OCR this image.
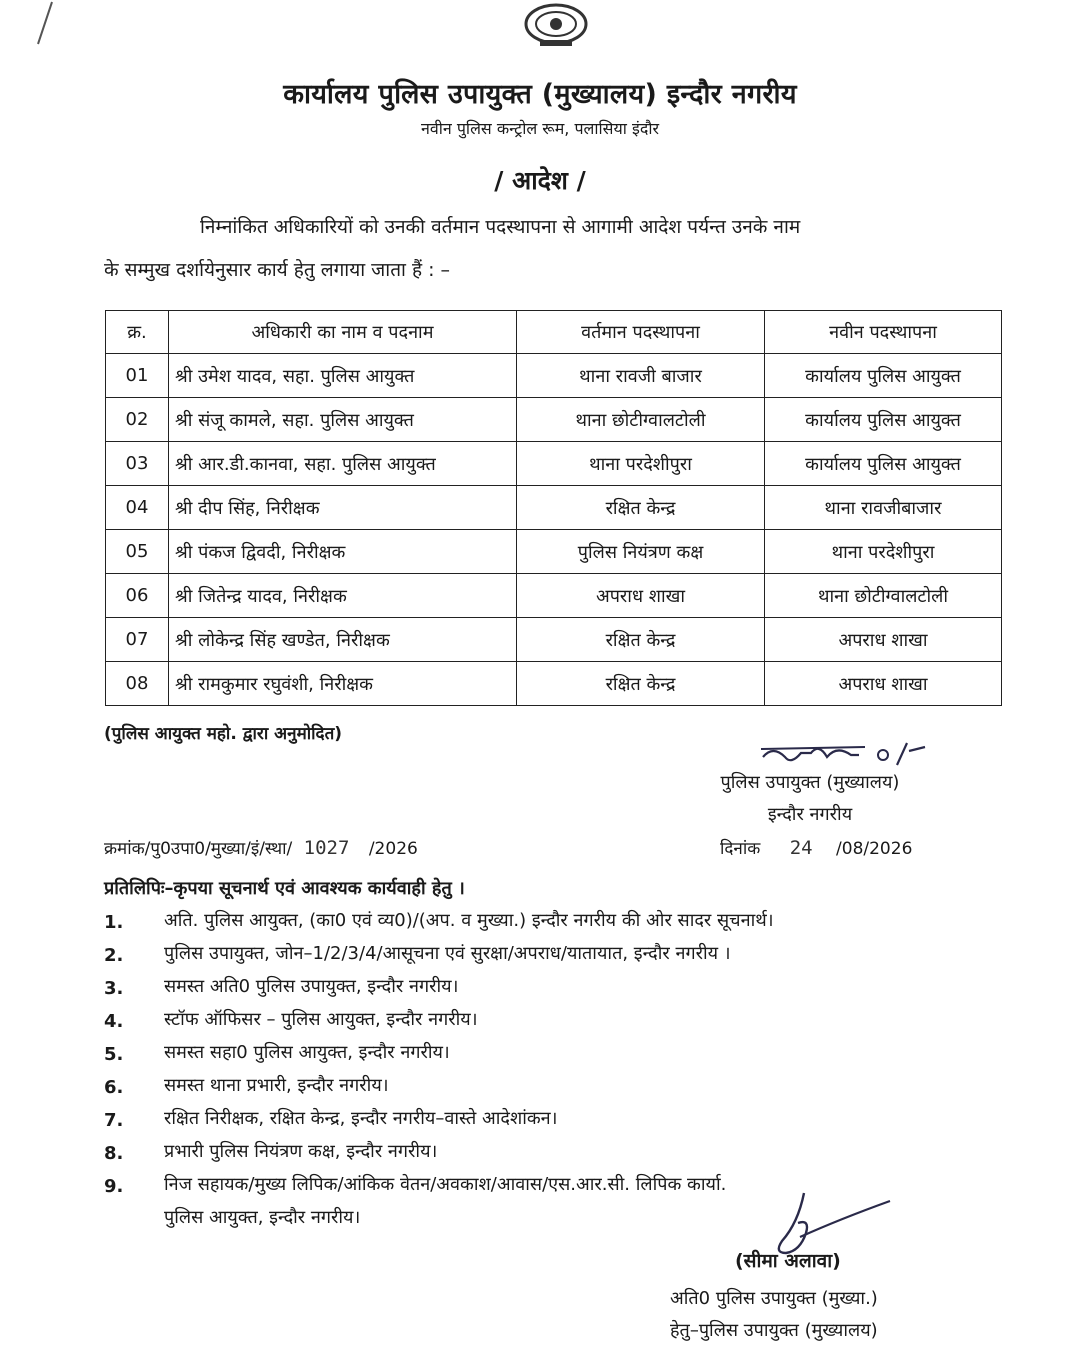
कार्यालय पुलिस उपायुक्त (मुख्यालय) इन्दौर नगरीय
नवीन पुलिस कन्ट्रोल रूम, पलासिया इंदौर
/ आदेश /
निम्नांकित अधिकारियों को उनकी वर्तमान पदस्थापना से आगामी आदेश पर्यन्त उनके नाम
के सम्मुख दर्शायेनुसार कार्य हेतु लगाया जाता हैं : –
क्र.	अधिकारी का नाम व पदनाम	वर्तमान पदस्थापना	नवीन पदस्थापना
01	श्री उमेश यादव, सहा. पुलिस आयुक्त	थाना रावजी बाजार	कार्यालय पुलिस आयुक्त
02	श्री संजू कामले, सहा. पुलिस आयुक्त	थाना छोटीग्वालटोली	कार्यालय पुलिस आयुक्त
03	श्री आर.डी.कानवा, सहा. पुलिस आयुक्त	थाना परदेशीपुरा	कार्यालय पुलिस आयुक्त
04	श्री दीप सिंह, निरीक्षक	रक्षित केन्द्र	थाना रावजीबाजार
05	श्री पंकज द्विवदी, निरीक्षक	पुलिस नियंत्रण कक्ष	थाना परदेशीपुरा
06	श्री जितेन्द्र यादव, निरीक्षक	अपराध शाखा	थाना छोटीग्वालटोली
07	श्री लोकेन्द्र सिंह खण्डेत, निरीक्षक	रक्षित केन्द्र	अपराध शाखा
08	श्री रामकुमार रघुवंशी, निरीक्षक	रक्षित केन्द्र	अपराध शाखा
(पुलिस आयुक्त महो. द्वारा अनुमोदित)
पुलिस उपायुक्त (मुख्यालय)
इन्दौर नगरीय
क्रमांक/पु0उपा0/मुख्या/इं/स्था/ 1027 /2026	दिनांक 24 /08/2026
प्रतिलिपिः–कृपया सूचनार्थ एवं आवश्यक कार्यवाही हेतु ।
1.	अति. पुलिस आयुक्त, (का0 एवं व्य0)/(अप. व मुख्या.) इन्दौर नगरीय की ओर सादर सूचनार्थ।
2.	पुलिस उपायुक्त, जोन–1/2/3/4/आसूचना एवं सुरक्षा/अपराध/यातायात, इन्दौर नगरीय ।
3.	समस्त अति0 पुलिस उपायुक्त, इन्दौर नगरीय।
4.	स्टॉफ ऑफिसर – पुलिस आयुक्त, इन्दौर नगरीय।
5.	समस्त सहा0 पुलिस आयुक्त, इन्दौर नगरीय।
6.	समस्त थाना प्रभारी, इन्दौर नगरीय।
7.	रक्षित निरीक्षक, रक्षित केन्द्र, इन्दौर नगरीय–वास्ते आदेशांकन।
8.	प्रभारी पुलिस नियंत्रण कक्ष, इन्दौर नगरीय।
9.	निज सहायक/मुख्य लिपिक/आंकिक वेतन/अवकाश/आवास/एस.आर.सी. लिपिक कार्या.
पुलिस आयुक्त, इन्दौर नगरीय।
(सीमा अलावा)
अति0 पुलिस उपायुक्त (मुख्या.)
हेतु–पुलिस उपायुक्त (मुख्यालय)
